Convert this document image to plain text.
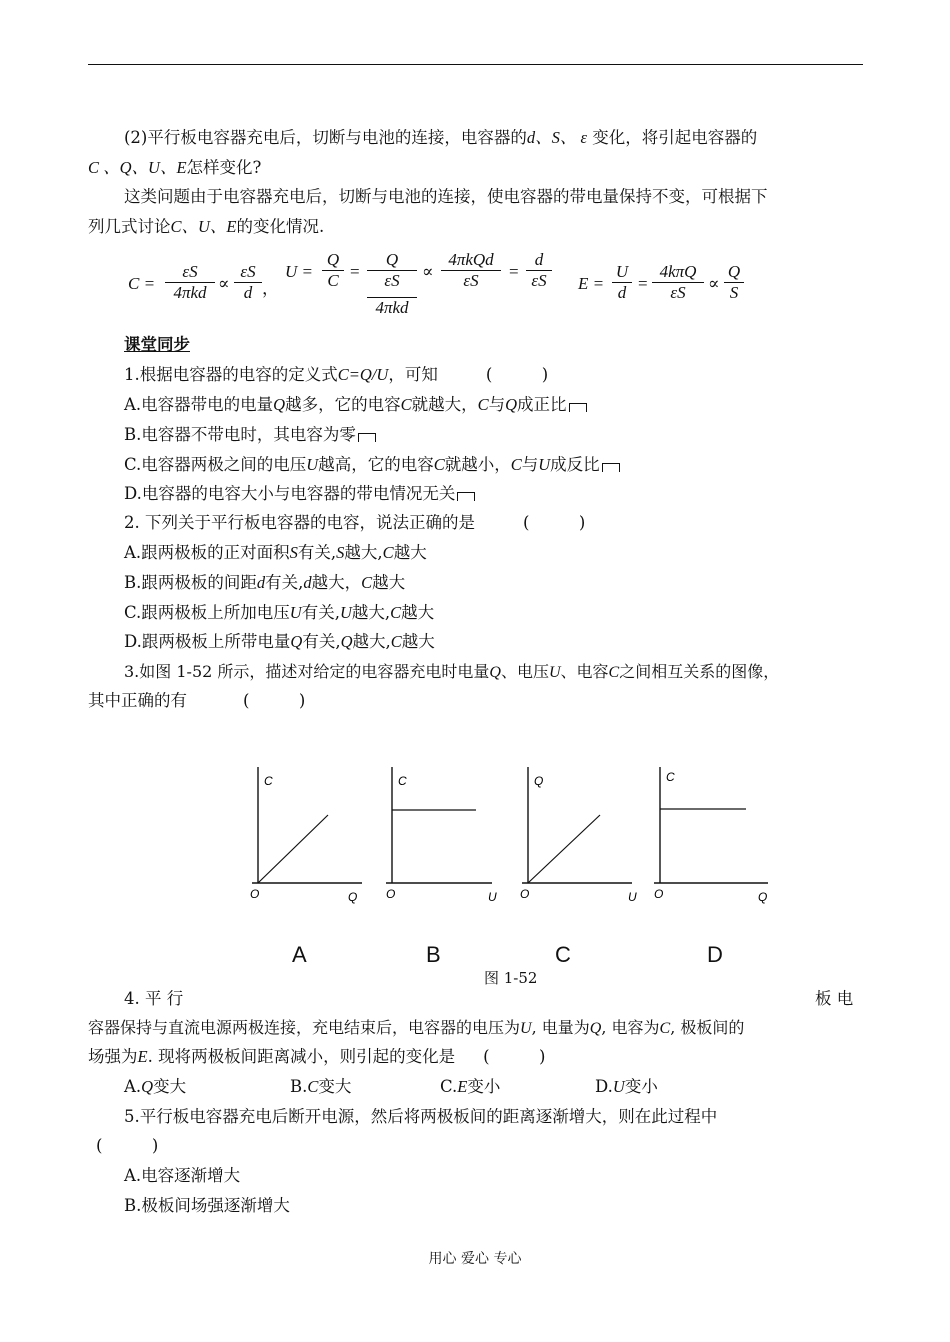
(2)平行板电容器充电后，切断与电池的连接，电容器的d、S、 ε 变化，将引起电容器的
C 、Q、U、E怎样变化?
这类问题由于电容器充电后，切断与电池的连接，使电容器的带电量保持不变，可根据下
列几式讨论C、U、E的变化情况.
C =
εS
$4\pi kd \propto \frac{\varepsilon S}{d}$ ，
$U = \frac{Q}{C}$ =
Q
εS
4πkd
∝
4πkQd
εS	= $\frac{d}{\varepsilon S}$ $E = \frac{U}{d}$ =
4kπQ
εS	∝ $\frac{Q}{S}$
课堂同步
1.根据电容器的电容的定义式C=Q/U，可知	(　　　)
A.电容器带电的电量Q越多，它的电容C就越大，C与Q成正比
B.电容器不带电时，其电容为零
C.电容器两极之间的电压U越高，它的电容C就越小，C与U成反比
D.电容器的电容大小与电容器的带电情况无关
2. 下列关于平行板电容器的电容，说法正确的是	(　　　)
A.跟两极板的正对面积S有关,S越大,C越大
B.跟两极板的间距d有关,d越大，C越大
C.跟两极板上所加电压U有关,U越大,C越大
D.跟两极板上所带电量Q有关,Q越大,C越大
3.如图 1-52 所示，描述对给定的电容器充电时电量Q、电压U、电容C之间相互关系的图像，
其中正确的有	(　　　)
C
O	Q
C
O	U
Q
O	U
C
O	Q
A	B	C	D
图 1-52
4. 平 行	板 电
容器保持与直流电源两极连接，充电结束后，电容器的电压为U, 电量为Q, 电容为C, 极板间的
场强为E. 现将两极板间距离减小，则引起的变化是 (　　　)
A.Q变大	B.C变大	C.E变小	D.U变小
5.平行板电容器充电后断开电源，然后将两极板间的距离逐渐增大，则在此过程中
(　　　)
A.电容逐渐增大
B.极板间场强逐渐增大
用心 爱心 专心
